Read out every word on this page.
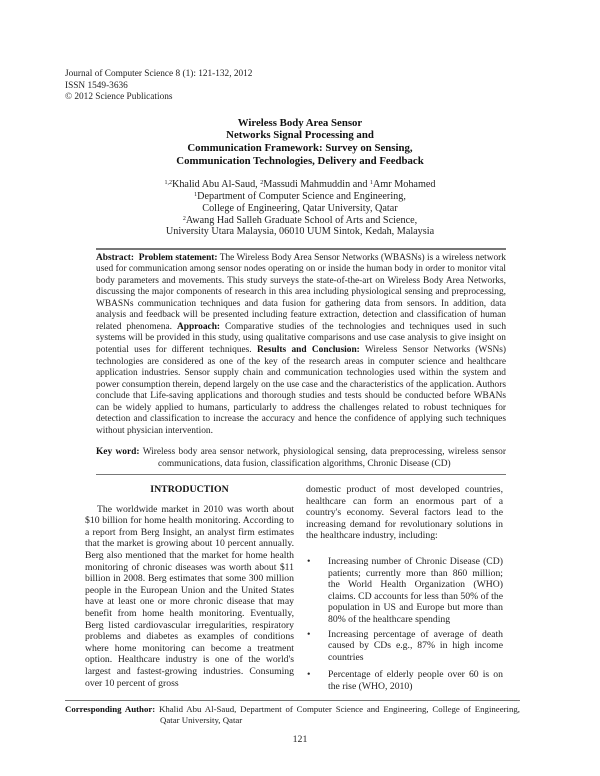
Journal of Computer Science 8 (1): 121-132, 2012
ISSN 1549-3636
© 2012 Science Publications
Wireless Body Area Sensor
Networks Signal Processing and
Communication Framework: Survey on Sensing,
Communication Technologies, Delivery and Feedback
$^{1,2}$Khalid Abu Al-Saud, $^2$Massudi Mahmuddin and $^1$Amr Mohamed
$^1$Department of Computer Science and Engineering,
College of Engineering, Qatar University, Qatar
$^2$Awang Had Salleh Graduate School of Arts and Science,
University Utara Malaysia, 06010 UUM Sintok, Kedah, Malaysia
Abstract: Problem statement: The Wireless Body Area Sensor Networks (WBASNs) is a wireless network used for communication among sensor nodes operating on or inside the human body in order to monitor vital body parameters and movements. This study surveys the state-of-the-art on Wireless Body Area Networks, discussing the major components of research in this area including physiological sensing and preprocessing, WBASNs communication techniques and data fusion for gathering data from sensors. In addition, data analysis and feedback will be presented including feature extraction, detection and classification of human related phenomena. Approach: Comparative studies of the technologies and techniques used in such systems will be provided in this study, using qualitative comparisons and use case analysis to give insight on potential uses for different techniques. Results and Conclusion: Wireless Sensor Networks (WSNs) technologies are considered as one of the key of the research areas in computer science and healthcare application industries. Sensor supply chain and communication technologies used within the system and power consumption therein, depend largely on the use case and the characteristics of the application. Authors conclude that Life-saving applications and thorough studies and tests should be conducted before WBANs can be widely applied to humans, particularly to address the challenges related to robust techniques for detection and classification to increase the accuracy and hence the confidence of applying such techniques without physician intervention.
Key word: Wireless body area sensor network, physiological sensing, data preprocessing, wireless sensor communications, data fusion, classification algorithms, Chronic Disease (CD)
INTRODUCTION

The worldwide market in 2010 was worth about $10 billion for home health monitoring. According to a report from Berg Insight, an analyst firm estimates that the market is growing about 10 percent annually. Berg also mentioned that the market for home health monitoring of chronic diseases was worth about $11 billion in 2008. Berg estimates that some 300 million people in the European Union and the United States have at least one or more chronic disease that may benefit from home health monitoring. Eventually, Berg listed cardiovascular irregularities, respiratory problems and diabetes as examples of conditions where home monitoring can become a treatment option. Healthcare industry is one of the world's largest and fastest-growing industries. Consuming over 10 percent of gross

domestic product of most developed countries, healthcare can form an enormous part of a country's economy. Several factors lead to the increasing demand for revolutionary solutions in the healthcare industry, including:

• Increasing number of Chronic Disease (CD) patients; currently more than 860 million; the World Health Organization (WHO) claims. CD accounts for less than 50% of the population in US and Europe but more than 80% of the healthcare spending
• Increasing percentage of average of death caused by CDs e.g., 87% in high income countries
• Percentage of elderly people over 60 is on the rise (WHO, 2010)
Corresponding Author: Khalid Abu Al-Saud, Department of Computer Science and Engineering, College of Engineering, Qatar University, Qatar
121
